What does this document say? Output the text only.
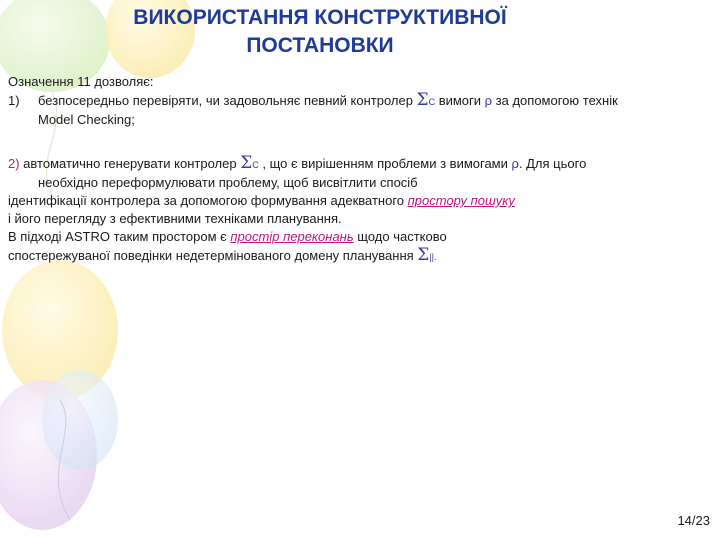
ВИКОРИСТАННЯ КОНСТРУКТИВНОЇ
ПОСТАНОВКИ
Означення 11 дозволяє:
1) безпосередньо перевіряти, чи задовольняє певний контролер ΣC вимоги ρ за допомогою технік
Model Checking;
2) автоматично генерувати контролер ΣC , що є вирішенням проблеми з вимогами ρ. Для цього
необхідно переформулювати проблему, щоб висвітлити спосіб
ідентифікації контролера за допомогою формування адекватного простору пошуку
і його перегляду з ефективними техніками планування.
В підході ASTRO таким простором є простір переконань щодо частково
спостережуваної поведінки недетермінованого домену планування Σ||.
14/23
